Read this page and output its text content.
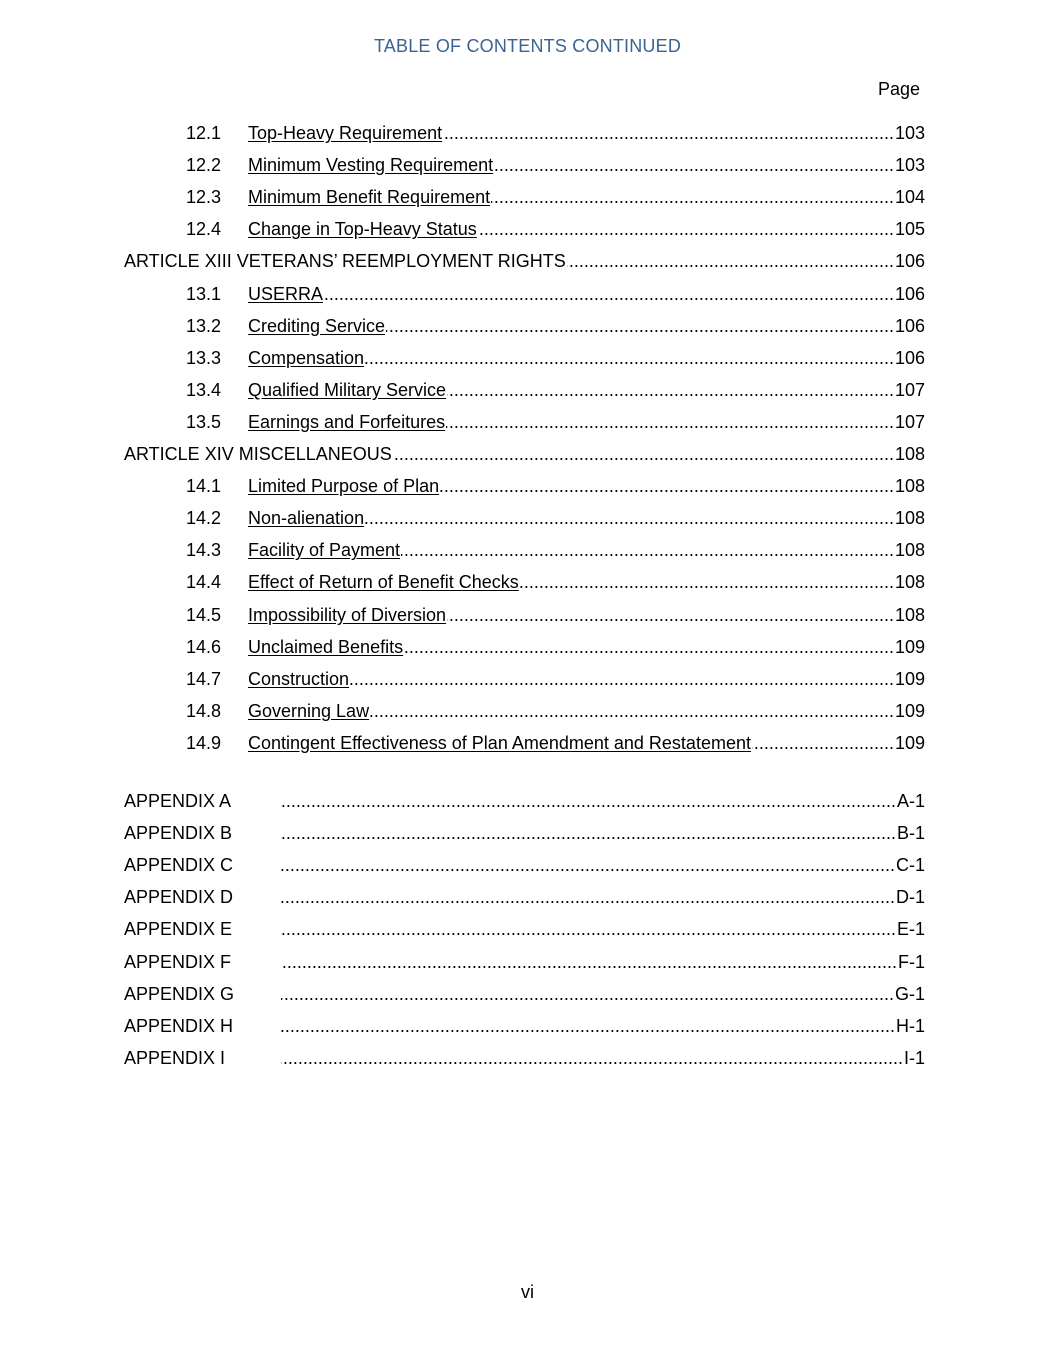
TABLE OF CONTENTS CONTINUED
Page
12.1	Top-Heavy Requirement .....	103
12.2	Minimum Vesting Requirement .....	103
12.3	Minimum Benefit Requirement .....	104
12.4	Change in Top-Heavy Status .....	105
ARTICLE XIII VETERANS’ REEMPLOYMENT RIGHTS .....	106
13.1	USERRA .....	106
13.2	Crediting Service .....	106
13.3	Compensation .....	106
13.4	Qualified Military Service .....	107
13.5	Earnings and Forfeitures .....	107
ARTICLE XIV MISCELLANEOUS .....	108
14.1	Limited Purpose of Plan .....	108
14.2	Non-alienation .....	108
14.3	Facility of Payment .....	108
14.4	Effect of Return of Benefit Checks .....	108
14.5	Impossibility of Diversion .....	108
14.6	Unclaimed Benefits .....	109
14.7	Construction .....	109
14.8	Governing Law .....	109
14.9	Contingent Effectiveness of Plan Amendment and Restatement .....	109
APPENDIX A .....	A-1
APPENDIX B .....	B-1
APPENDIX C .....	C-1
APPENDIX D .....	D-1
APPENDIX E .....	E-1
APPENDIX F .....	F-1
APPENDIX G .....	G-1
APPENDIX H .....	H-1
APPENDIX I .....	I-1
vi
